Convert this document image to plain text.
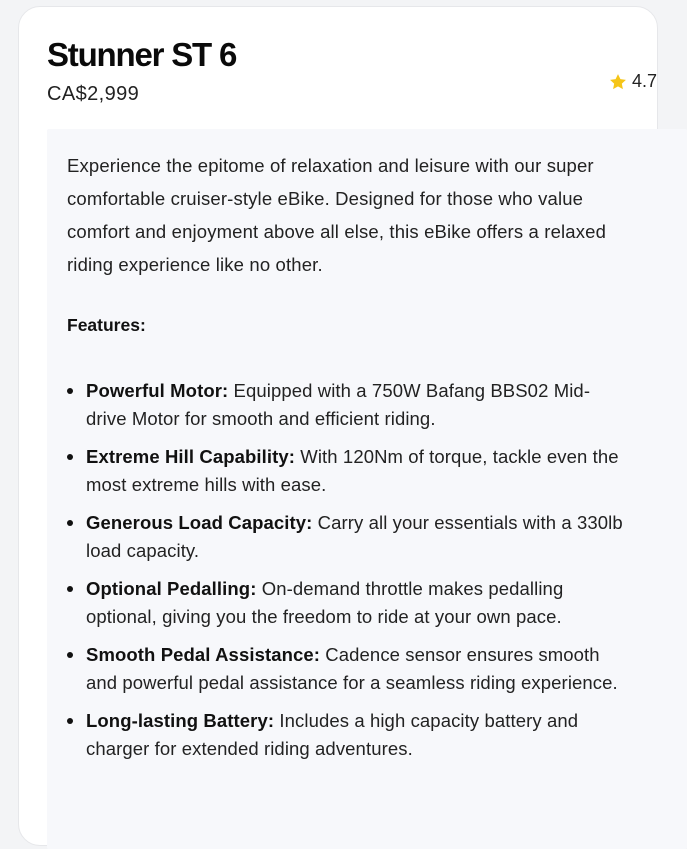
Stunner ST 6
CA$2,999
4.7

Experience the epitome of relaxation and leisure with our super comfortable cruiser-style eBike. Designed for those who value comfort and enjoyment above all else, this eBike offers a relaxed riding experience like no other.

Features:

Powerful Motor: Equipped with a 750W Bafang BBS02 Mid-drive Motor for smooth and efficient riding.
Extreme Hill Capability: With 120Nm of torque, tackle even the most extreme hills with ease.
Generous Load Capacity: Carry all your essentials with a 330lb load capacity.
Optional Pedalling: On-demand throttle makes pedalling optional, giving you the freedom to ride at your own pace.
Smooth Pedal Assistance: Cadence sensor ensures smooth and powerful pedal assistance for a seamless riding experience.
Long-lasting Battery: Includes a high capacity battery and charger for extended riding adventures.
